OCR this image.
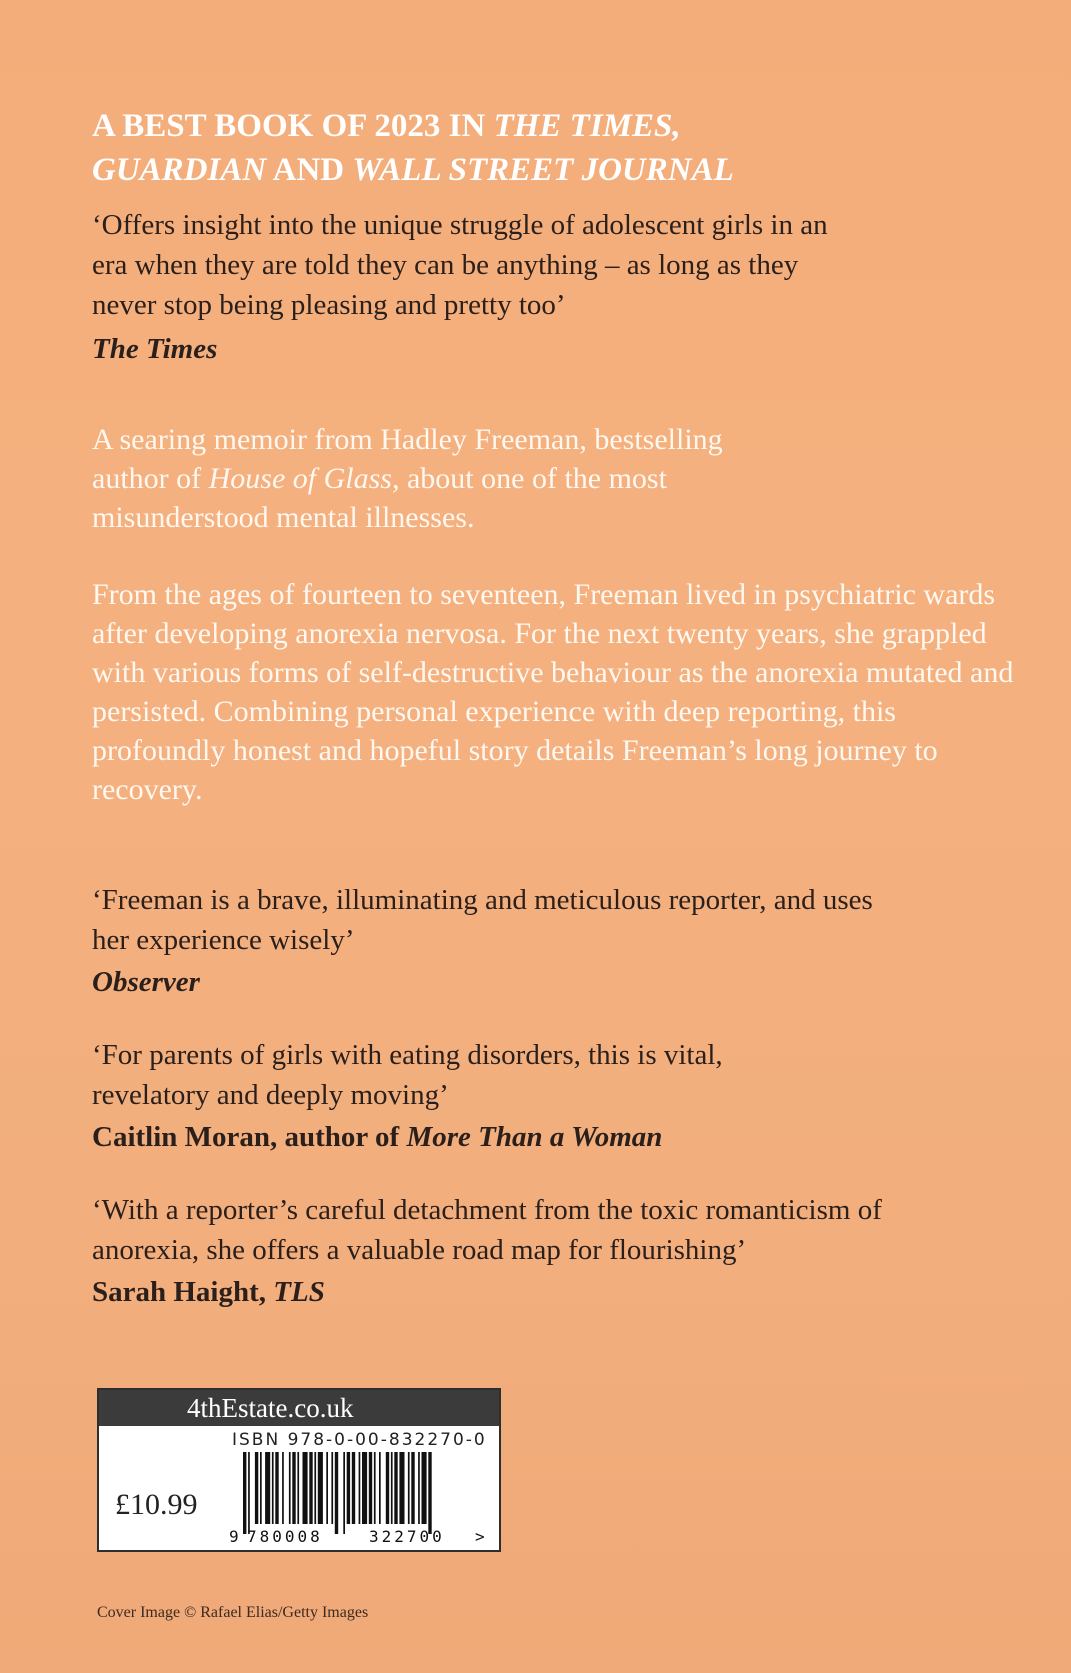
A BEST BOOK OF 2023 IN THE TIMES,
GUARDIAN AND WALL STREET JOURNAL
‘Offers insight into the unique struggle of adolescent girls in an era when they are told they can be anything – as long as they never stop being pleasing and pretty too’
The Times
A searing memoir from Hadley Freeman, bestselling author of House of Glass, about one of the most misunderstood mental illnesses.
From the ages of fourteen to seventeen, Freeman lived in psychiatric wards after developing anorexia nervosa. For the next twenty years, she grappled with various forms of self-destructive behaviour as the anorexia mutated and persisted. Combining personal experience with deep reporting, this profoundly honest and hopeful story details Freeman’s long journey to recovery.
‘Freeman is a brave, illuminating and meticulous reporter, and uses her experience wisely’
Observer
‘For parents of girls with eating disorders, this is vital, revelatory and deeply moving’
Caitlin Moran, author of More Than a Woman
‘With a reporter’s careful detachment from the toxic romanticism of anorexia, she offers a valuable road map for flourishing’
Sarah Haight, TLS
4thEstate.co.uk
ISBN 978-0-00-832270-0
£10.99
9 780008	322700 >
Cover Image © Rafael Elias/Getty Images
